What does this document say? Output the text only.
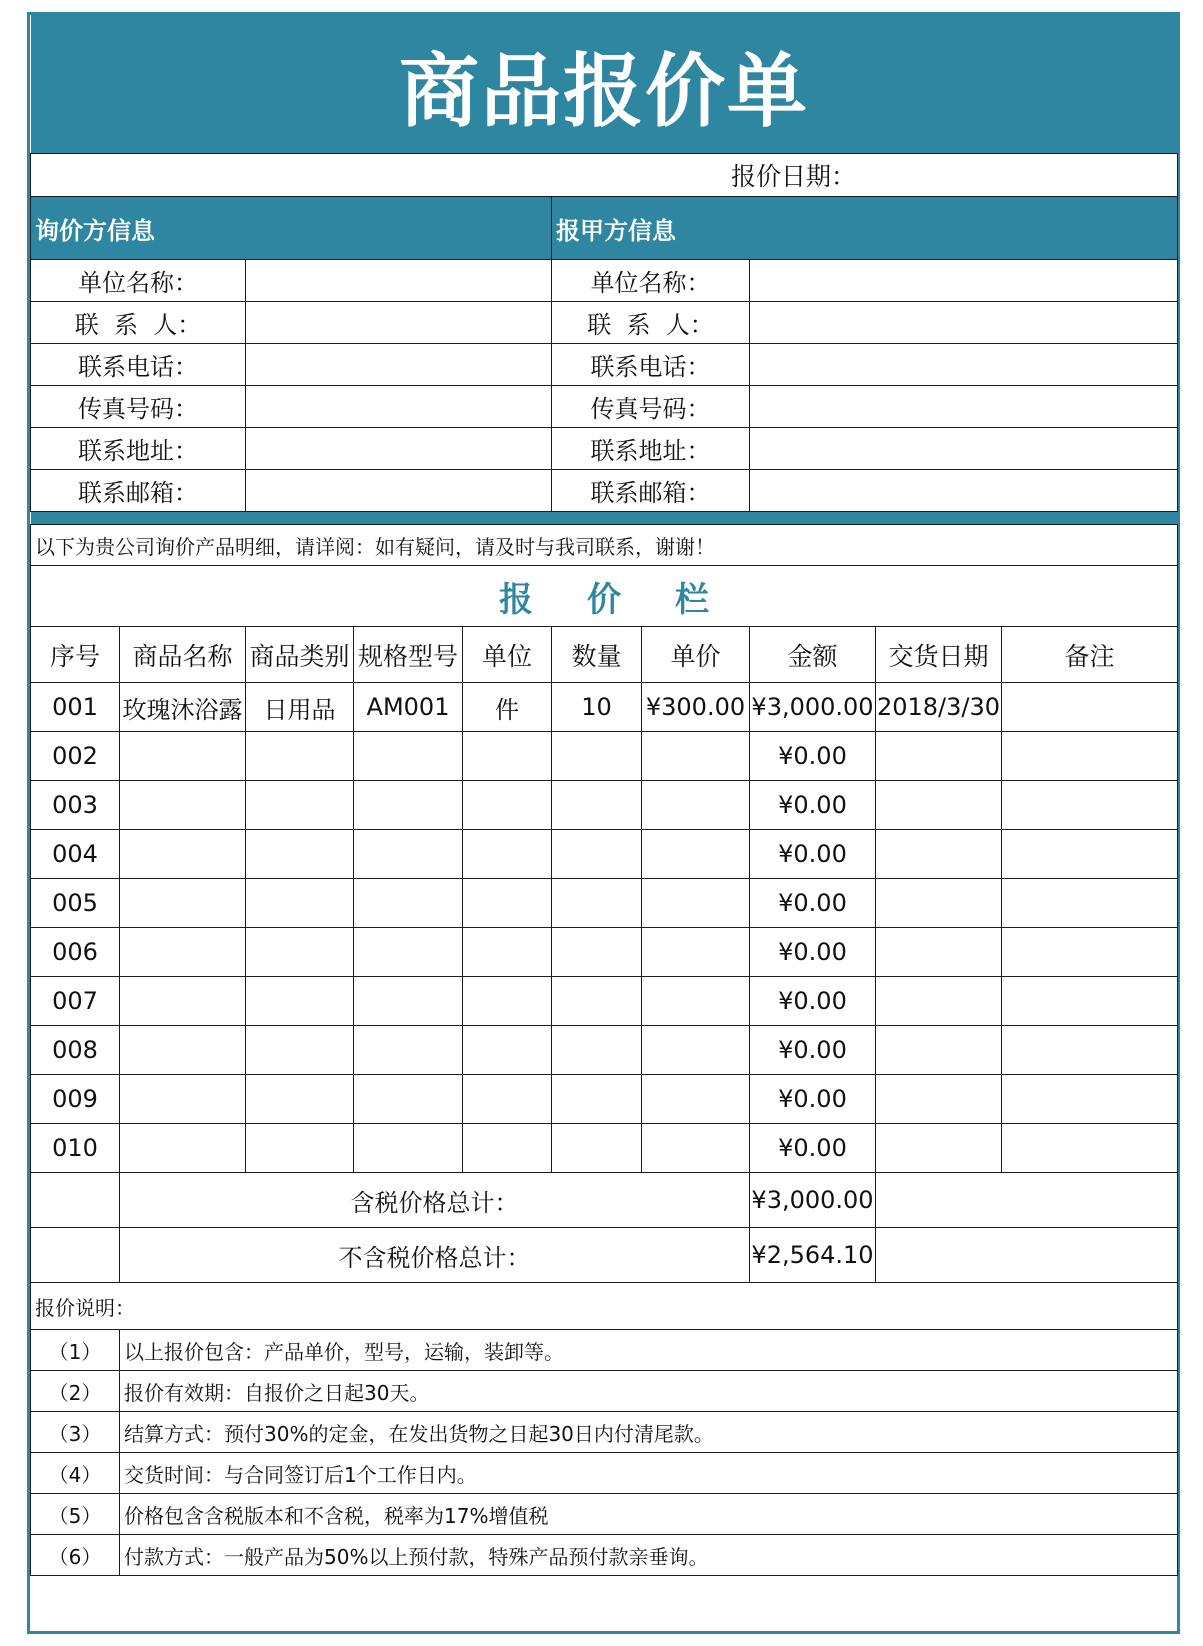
商品报价单									
报价日期：									
询价方信息					报甲方信息				
单位名称：					单位名称：				
联  系  人：					联  系  人：				
联系电话：					联系电话：				
传真号码：					传真号码：				
联系地址：					联系地址：				
联系邮箱：					联系邮箱：				

以下为贵公司询价产品明细，请详阅：如有疑问，请及时与我司联系，谢谢！									
报价栏									
序号	商品名称	商品类别	规格型号	单位	数量	单价	金额	交货日期	备注
001	玫瑰沐浴露	日用品	AM001	件	10	¥300.00	¥3,000.00	2018/3/30	
002							¥0.00		
003							¥0.00		
004							¥0.00		
005							¥0.00		
006							¥0.00		
007							¥0.00		
008							¥0.00		
009							¥0.00		
010							¥0.00		
	含税价格总计：						¥3,000.00		
	不含税价格总计：						¥2,564.10		
报价说明：									
（1）	以上报价包含：产品单价，型号，运输，装卸等。								
（2）	报价有效期：自报价之日起30天。								
（3）	结算方式：预付30%的定金，在发出货物之日起30日内付清尾款。								
（4）	交货时间：与合同签订后1个工作日内。								
（5）	价格包含含税版本和不含税，税率为17%增值税								
（6）	付款方式：一般产品为50%以上预付款，特殊产品预付款亲垂询。								
